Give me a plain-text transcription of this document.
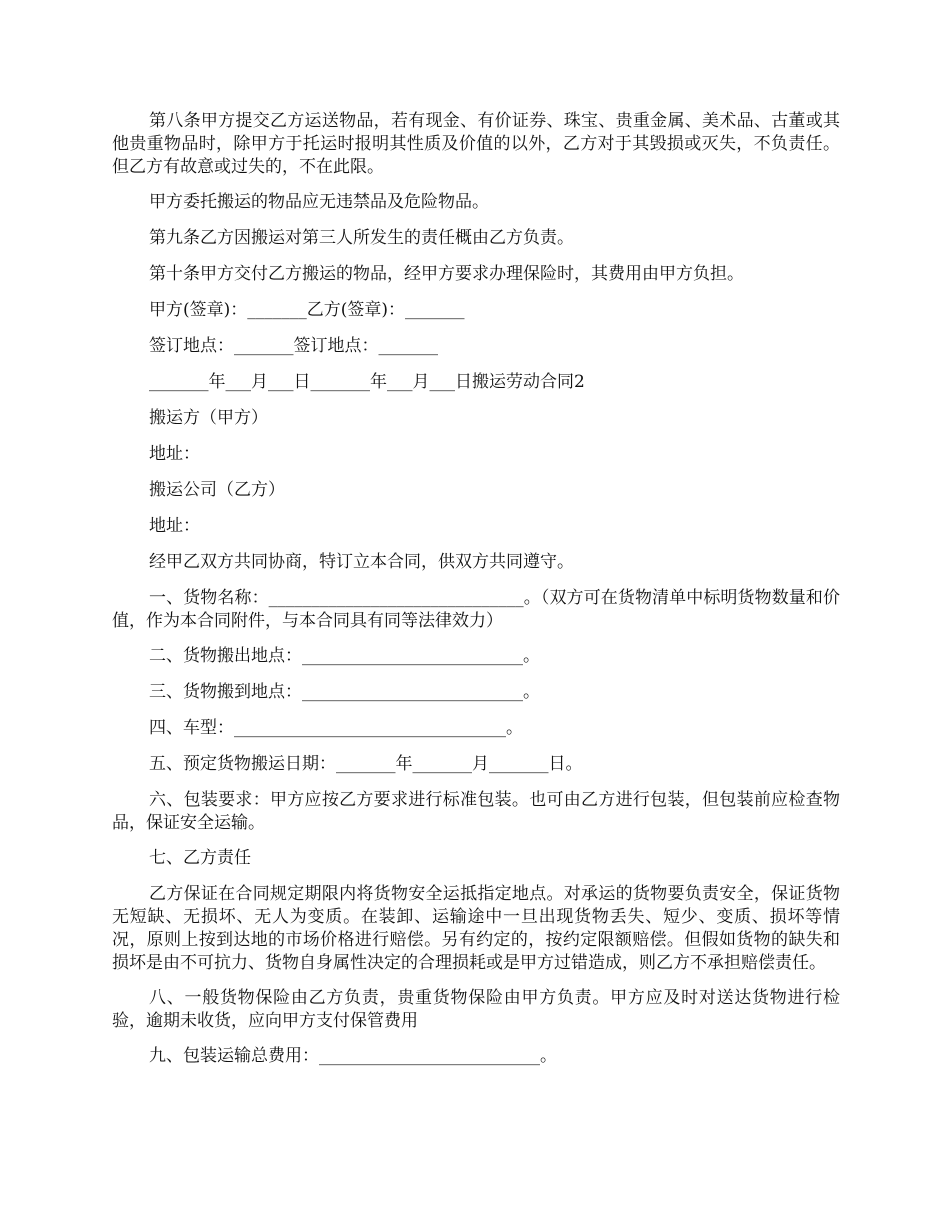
第八条甲方提交乙方运送物品，若有现金、有价证券、珠宝、贵重金属、美术品、古董或其他贵重物品时，除甲方于托运时报明其性质及价值的以外，乙方对于其毁损或灭失，不负责任。但乙方有故意或过失的，不在此限。

甲方委托搬运的物品应无违禁品及危险物品。

第九条乙方因搬运对第三人所发生的责任概由乙方负责。

第十条甲方交付乙方搬运的物品，经甲方要求办理保险时，其费用由甲方负担。

甲方(签章)：_______乙方(签章)：_______

签订地点：_______签订地点：_______

_______年___月___日_______年___月___日搬运劳动合同2

搬运方（甲方）

地址：

搬运公司（乙方）

地址：

经甲乙双方共同协商，特订立本合同，供双方共同遵守。

一、货物名称：______________________________。（双方可在货物清单中标明货物数量和价值，作为本合同附件，与本合同具有同等法律效力）

二、货物搬出地点：__________________________。

三、货物搬到地点：__________________________。

四、车型：________________________________。

五、预定货物搬运日期：_______年_______月_______日。

六、包装要求：甲方应按乙方要求进行标准包装。也可由乙方进行包装，但包装前应检查物品，保证安全运输。

七、乙方责任

乙方保证在合同规定期限内将货物安全运抵指定地点。对承运的货物要负责安全，保证货物无短缺、无损坏、无人为变质。在装卸、运输途中一旦出现货物丢失、短少、变质、损坏等情况，原则上按到达地的市场价格进行赔偿。另有约定的，按约定限额赔偿。但假如货物的缺失和损坏是由不可抗力、货物自身属性决定的合理损耗或是甲方过错造成，则乙方不承担赔偿责任。

八、一般货物保险由乙方负责，贵重货物保险由甲方负责。甲方应及时对送达货物进行检验，逾期未收货，应向甲方支付保管费用

九、包装运输总费用：__________________________。
